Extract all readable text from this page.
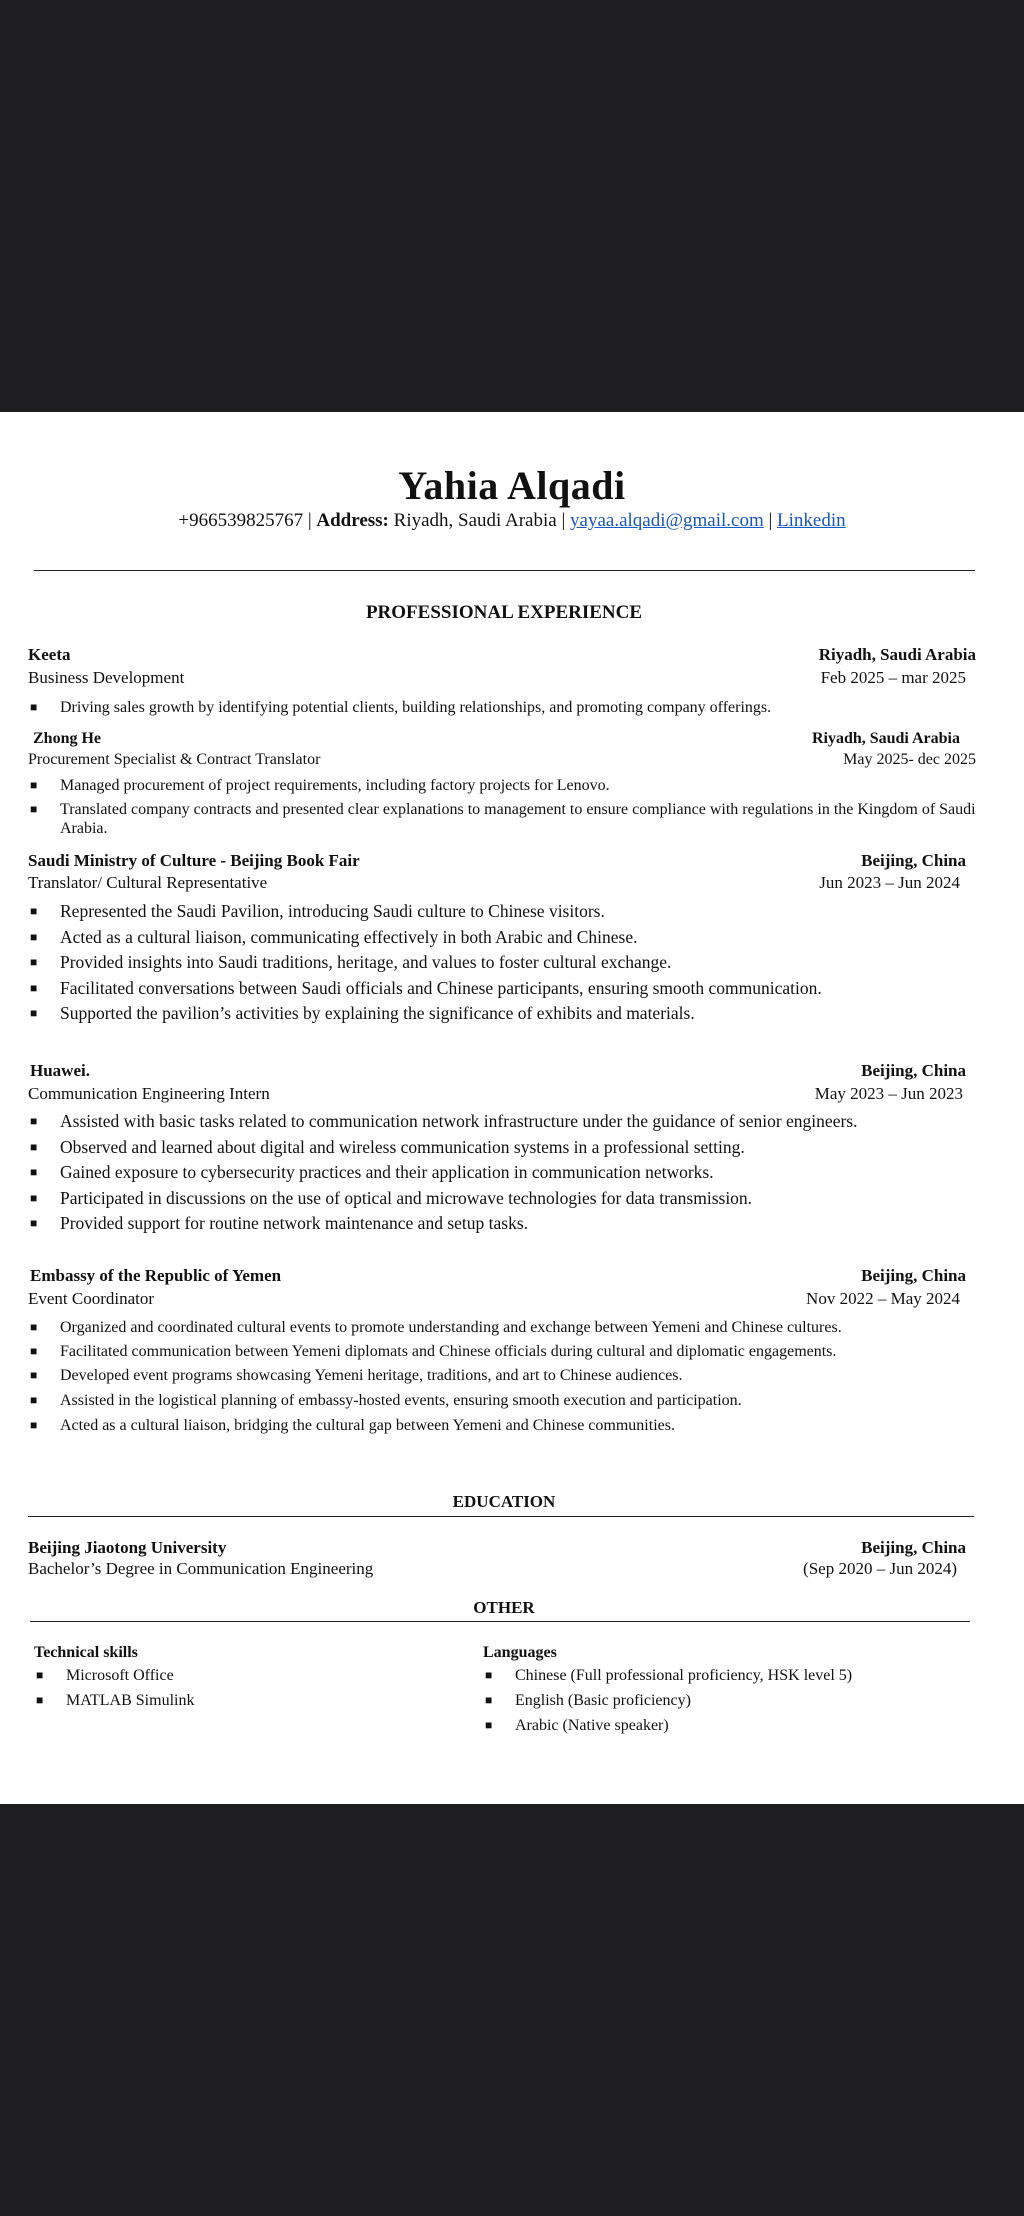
Yahia Alqadi
+966539825767 | Address: Riyadh, Saudi Arabia | yayaa.alqadi@gmail.com | Linkedin
PROFESSIONAL EXPERIENCE
Keeta	Riyadh, Saudi Arabia
Business Development	Feb 2025 – mar 2025
■ Driving sales growth by identifying potential clients, building relationships, and promoting company offerings.
Zhong He	Riyadh, Saudi Arabia
Procurement Specialist & Contract Translator	May 2025- dec 2025
■ Managed procurement of project requirements, including factory projects for Lenovo.
■ Translated company contracts and presented clear explanations to management to ensure compliance with regulations in the Kingdom of Saudi Arabia.
Saudi Ministry of Culture - Beijing Book Fair	Beijing, China
Translator/ Cultural Representative	Jun 2023 – Jun 2024
■ Represented the Saudi Pavilion, introducing Saudi culture to Chinese visitors.
■ Acted as a cultural liaison, communicating effectively in both Arabic and Chinese.
■ Provided insights into Saudi traditions, heritage, and values to foster cultural exchange.
■ Facilitated conversations between Saudi officials and Chinese participants, ensuring smooth communication.
■ Supported the pavilion’s activities by explaining the significance of exhibits and materials.
Huawei.	Beijing, China
Communication Engineering Intern	May 2023 – Jun 2023
■ Assisted with basic tasks related to communication network infrastructure under the guidance of senior engineers.
■ Observed and learned about digital and wireless communication systems in a professional setting.
■ Gained exposure to cybersecurity practices and their application in communication networks.
■ Participated in discussions on the use of optical and microwave technologies for data transmission.
■ Provided support for routine network maintenance and setup tasks.
Embassy of the Republic of Yemen	Beijing, China
Event Coordinator	Nov 2022 – May 2024
■ Organized and coordinated cultural events to promote understanding and exchange between Yemeni and Chinese cultures.
■ Facilitated communication between Yemeni diplomats and Chinese officials during cultural and diplomatic engagements.
■ Developed event programs showcasing Yemeni heritage, traditions, and art to Chinese audiences.
■ Assisted in the logistical planning of embassy-hosted events, ensuring smooth execution and participation.
■ Acted as a cultural liaison, bridging the cultural gap between Yemeni and Chinese communities.
EDUCATION
Beijing Jiaotong University	Beijing, China
Bachelor’s Degree in Communication Engineering	(Sep 2020 – Jun 2024)
OTHER
Technical skills
■ Microsoft Office
■ MATLAB Simulink
Languages
■ Chinese (Full professional proficiency, HSK level 5)
■ English (Basic proficiency)
■ Arabic (Native speaker)
